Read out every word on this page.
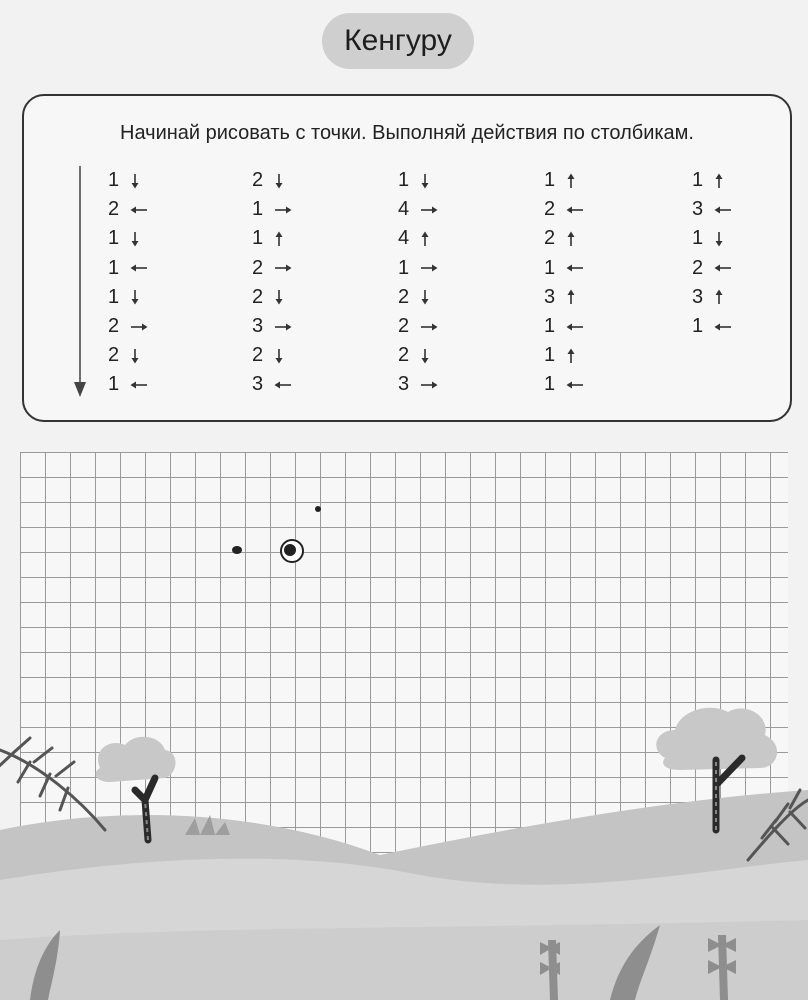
Кенгуру
Начинай рисовать с точки. Выполняй действия по столбикам.
1
2
1
1
1
2
2
1
2
1
1
2
2
3
2
3
1
4
4
1
2
2
2
3
1
2
2
1
3
1
1
1
1
3
1
2
3
1
